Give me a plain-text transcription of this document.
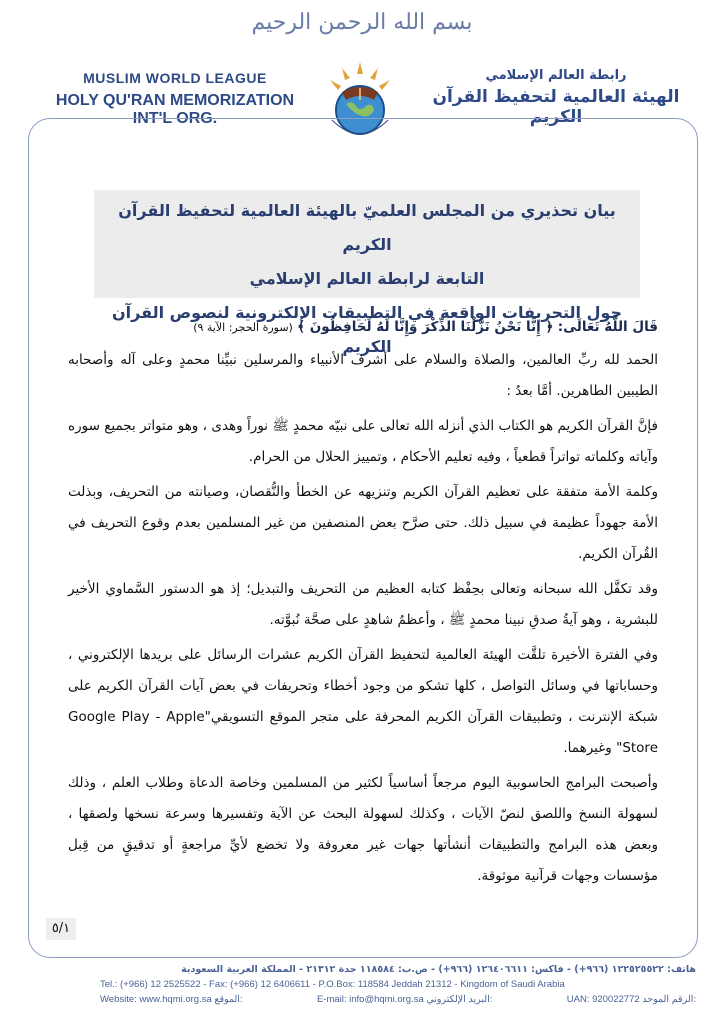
بسم الله الرحمن الرحيم
MUSLIM WORLD LEAGUE
HOLY QU'RAN MEMORIZATION INT'L ORG.
رابطة العالم الإسلامي
الهيئة العالمية لتحفيظ القرآن الكريم
بيان تحذيري من المجلس العلميّ بالهيئة العالمية لتحفيظ القرآن الكريم
التابعة لرابطة العالم الإسلامي
حول التحريفات الواقعة في التطبيقات الإلكترونية لنصوص القرآن الكريم

قَالَ اللَّهُ تَعَالَى: ﴿ إِنَّا نَحْنُ نَزَّلْنَا الذِّكْرَ وَإِنَّا لَهُ لَحَافِظُونَ ﴾ (سورة الحجر: الآية ٩)

الحمد لله ربِّ العالمين، والصلاة والسلام على أشرف الأنبياء والمرسلين نبيِّنا محمدٍ وعلى آله وأصحابه الطيبين الطاهرين. أمَّا بعدُ :

فإنَّ القرآن الكريم هو الكتاب الذي أنزله الله تعالى على نبيّه محمدٍ ﷺ نوراً وهدى ، وهو متواتر بجميع سوره وآياته وكلماته تواتراً قطعياً ، وفيه تعليم الأحكام ، وتمييز الحلال من الحرام.

وكلمة الأمة متفقة على تعظيم القرآن الكريم وتنزيهه عن الخطأ والنُّقصان، وصيانته من التحريف، وبذلت الأمة جهوداً عظيمة في سبيل ذلك. حتى صرَّح بعض المنصفين من غير المسلمين بعدم وقوع التحريف في القُرآن الكريم.

وقد تكفَّل الله سبحانه وتعالى بحِفْظ كتابه العظيم من التحريف والتبديل؛ إذ هو الدستور السَّماوي الأخير للبشرية ، وهو آيةُ صدقِ نبينا محمدٍ ﷺ ، وأعظمُ شاهدٍ على صحَّة نُبوَّته.

وفي الفترة الأخيرة تلقَّت الهيئة العالمية لتحفيظ القرآن الكريم عشرات الرسائل على بريدها الإلكتروني ، وحساباتها في وسائل التواصل ، كلها تشكو من وجود أخطاء وتحريفات في بعض آيات القرآن الكريم على شبكة الإنترنت ، وتطبيقات القرآن الكريم المحرفة على متجر الموقع التسويقي"Google Play - Apple Store" وغيرهما.

وأصبحت البرامج الحاسوبية اليوم مرجعاً أساسياً لكثير من المسلمين وخاصة الدعاة وطلاب العلم ، وذلك لسهولة النسخ واللصق لنصّ الآيات ، وكذلك لسهولة البحث عن الآية وتفسيرها وسرعة نسخها ولصقها ، وبعض هذه البرامج والتطبيقات أنشأتها جهات غير معروفة ولا تخضع لأيِّ مراجعةٍ أو تدقيقٍ من قِبل مؤسسات وجهات قرآنية موثوقة.

٥/١
هاتف: ١٢٢٥٢٥٥٢٢ (٩٦٦+) - فاكس: ١٢٦٤٠٦٦١١ (٩٦٦+) - ص.ب: ١١٨٥٨٤ جدة ٢١٣١٢ - المملكة العربية السعودية
Tel.: (+966) 12 2525522 - Fax: (+966) 12 6406611 - P.O.Box: 118584 Jeddah 21312 - Kingdom of Saudi Arabia
Website: www.hqmi.org.sa الموقع:	E-mail: info@hqmi.org.sa البريد الإلكتروني:	UAN: 920022772 الرقم الموحد:
